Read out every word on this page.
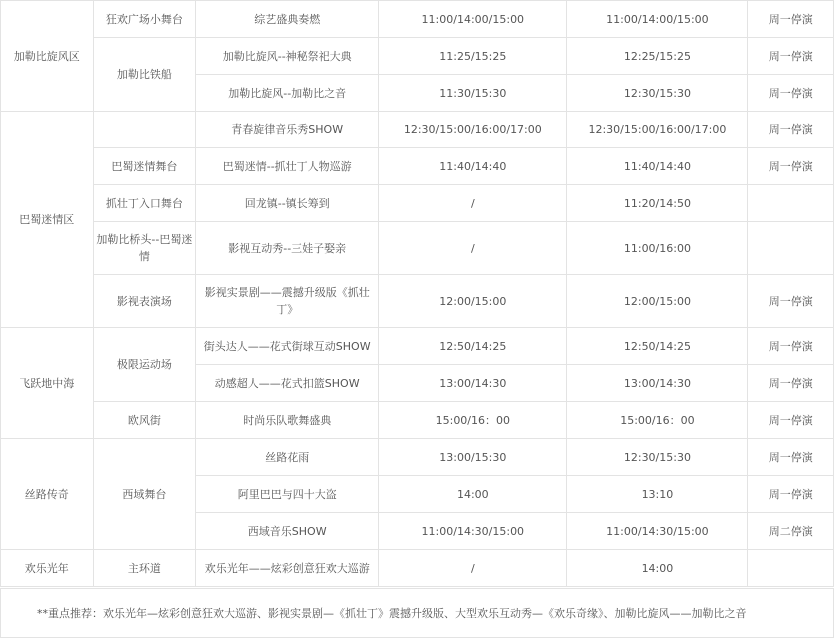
加勒比旋风区	狂欢广场小舞台	综艺盛典奏燃	11:00/14:00/15:00	11:00/14:00/15:00	周一停演
	加勒比铁船	加勒比旋风--神秘祭祀大典	11:25/15:25	12:25/15:25	周一停演
		加勒比旋风--加勒比之音	11:30/15:30	12:30/15:30	周一停演
巴蜀迷情区		青春旋律音乐秀SHOW	12:30/15:00/16:00/17:00	12:30/15:00/16:00/17:00	周一停演
	巴蜀迷情舞台	巴蜀迷情--抓壮丁人物巡游	11:40/14:40	11:40/14:40	周一停演
	抓壮丁入口舞台	回龙镇--镇长筹到	/	11:20/14:50	
	加勒比桥头--巴蜀迷情	影视互动秀--三娃子娶亲	/	11:00/16:00	
	影视表演场	影视实景剧——震撼升级版《抓壮丁》	12:00/15:00	12:00/15:00	周一停演

飞跃地中海	极限运动场	街头达人——花式街球互动SHOW	12:50/14:25	12:50/14:25	周一停演
		动感超人——花式扣篮SHOW	13:00/14:30	13:00/14:30	周一停演
	欧风街	时尚乐队歌舞盛典	15:00/16：00	15:00/16：00	周一停演
丝路传奇	西域舞台	丝路花雨	13:00/15:30	12:30/15:30	周一停演
		阿里巴巴与四十大盗	14:00	13:10	周一停演
		西域音乐SHOW	11:00/14:30/15:00	11:00/14:30/15:00	周二停演
欢乐光年	主环道	欢乐光年——炫彩创意狂欢大巡游	/	14:00	
**重点推荐：欢乐光年—炫彩创意狂欢大巡游、影视实景剧—《抓壮丁》震撼升级版、大型欢乐互动秀—《欢乐奇缘》、加勒比旋风——加勒比之音
